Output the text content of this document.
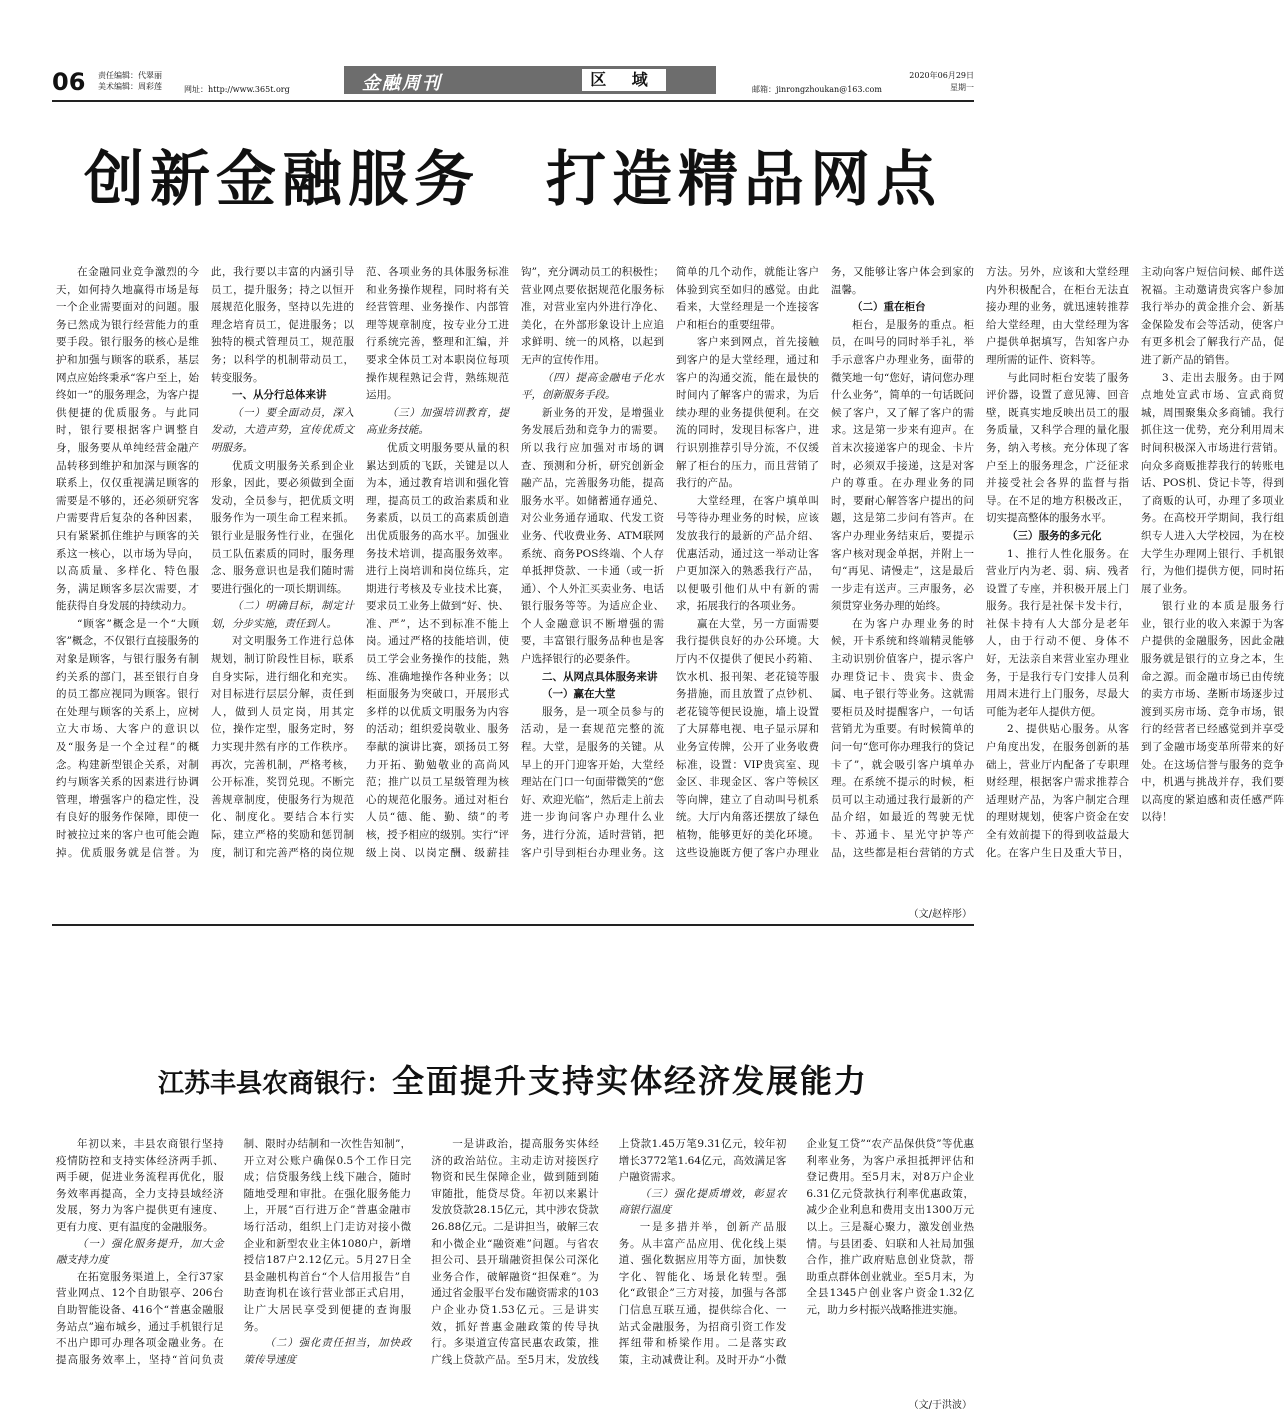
06 责任编辑：代翠丽
美术编辑：周彩莲	网址：http://www.365t.org	金融周刊	区 域
邮箱：jinrongzhoukan@163.com
2020年06月29日
星期一
创新金融服务　打造精品网点

在金融同业竞争激烈的今天，如何持久地赢得市场是每一个企业需要面对的问题。服务已然成为银行经营能力的重要手段。银行服务的核心是维护和加强与顾客的联系，基层网点应始终秉承“客户至上，始终如一”的服务理念，为客户提供便捷的优质服务。与此同时，银行要根据客户调整自身，服务要从单纯经营金融产品转移到维护和加深与顾客的联系上，仅仅重视满足顾客的需要是不够的，还必须研究客户需要背后复杂的各种因素，只有紧紧抓住维护与顾客的关系这一核心，以市场为导向，以高质量、多样化、特色服务，满足顾客多层次需要，才能获得自身发展的持续动力。

“顾客”概念是一个“大顾客”概念，不仅银行直接服务的对象是顾客，与银行服务有制约关系的部门，甚至银行自身的员工都应视同为顾客。银行在处理与顾客的关系上，应树立大市场、大客户的意识以及“服务是一个全过程”的概念。构建新型银企关系，对制约与顾客关系的因素进行协调管理，增强客户的稳定性，没有良好的服务作保障，即使一时被拉过来的客户也可能会跑掉。优质服务就是信誉。为此，我行要以丰富的内涵引导员工，提升服务；持之以恒开展规范化服务，坚持以先进的理念培育员工，促进服务；以独特的模式管理员工，规范服务；以科学的机制带动员工，转变服务。

一、从分行总体来讲

（一）要全面动员，深入发动，大造声势，宣传优质文明服务。

优质文明服务关系到企业形象，因此，要必须做到全面发动，全员参与，把优质文明服务作为一项生命工程来抓。银行业是服务性行业，在强化员工队伍素质的同时，服务理念、服务意识也是我们随时需要进行强化的一项长期训练。

（二）明确目标，制定计划，分步实施，责任到人。

对文明服务工作进行总体规划，制订阶段性目标，联系自身实际，进行细化和充实。对目标进行层层分解，责任到人，做到人员定岗，用其定位，操作定型，服务定时，努力实现井然有序的工作秩序。再次，完善机制，严格考核，公开标准，奖罚兑现。不断完善规章制度，使服务行为规范化、制度化。要结合本行实际，建立严格的奖励和惩罚制度，制订和完善严格的岗位规范、各项业务的具体服务标准和业务操作规程，同时将有关经营管理、业务操作、内部管理等规章制度，按专业分工进行系统完善，整理和汇编，并要求全体员工对本职岗位每项操作规程熟记会背，熟练规范运用。

（三）加强培训教育，提高业务技能。

优质文明服务要从量的积累达到质的飞跃，关键是以人为本，通过教育培训和强化管理，提高员工的政治素质和业务素质，以员工的高素质创造出优质服务的高水平。加强业务技术培训，提高服务效率。进行上岗培训和岗位练兵，定期进行考核及专业技术比赛，要求员工业务上做到“好、快、准、严”，达不到标准不能上岗。通过严格的技能培训，使员工学会业务操作的技能，熟练、准确地操作各种业务；以柜面服务为突破口，开展形式多样的以优质文明服务为内容的活动；组织爱岗敬业、服务奉献的演讲比赛，颂扬员工努力开拓、勤勉敬业的高尚风范；推广以员工星级管理为核心的规范化服务。通过对柜台人员“德、能、勤、绩”的考核，授予相应的级别。实行“评级上岗、以岗定酬、级薪挂钩”，充分调动员工的积极性；营业网点要依据规范化服务标准，对营业室内外进行净化、美化，在外部形象设计上应追求鲜明、统一的风格，以起到无声的宣传作用。

（四）提高金融电子化水平，创新服务手段。

新业务的开发，是增强业务发展后劲和竞争力的需要。所以我行应加强对市场的调查、预测和分析，研究创新金融产品，完善服务功能，提高服务水平。如储蓄通存通兑、对公业务通存通取、代发工资业务、代收费业务、ATM联网系统、商务POS终端、个人存单抵押贷款、一卡通（或一折通）、个人外汇买卖业务、电话银行服务等等。为适应企业、个人金融意识不断增强的需要，丰富银行服务品种也是客户选择银行的必要条件。

二、从网点具体服务来讲

（一）赢在大堂

服务，是一项全员参与的活动，是一套规范完整的流程。大堂，是服务的关键。从早上的开门迎客开始，大堂经理站在门口一句面带微笑的“您好、欢迎光临”，然后走上前去进一步询问客户办理什么业务，进行分流，适时营销，把客户引导到柜台办理业务。这简单的几个动作，就能让客户体验到宾至如归的感觉。由此看来，大堂经理是一个连接客户和柜台的重要纽带。

客户来到网点，首先接触到客户的是大堂经理，通过和客户的沟通交流，能在最快的时间内了解客户的需求，为后续办理的业务提供便利。在交流的同时，发现目标客户，进行识别推荐引导分流，不仅缓解了柜台的压力，而且营销了我行的产品。

大堂经理，在客户填单叫号等待办理业务的时候，应该发放我行的最新的产品介绍、优惠活动，通过这一举动让客户更加深入的熟悉我行产品，以便吸引他们从中有新的需求，拓展我行的各项业务。

赢在大堂，另一方面需要我行提供良好的办公环境。大厅内不仅提供了便民小药箱、饮水机、报刊架、老花镜等服务措施，而且放置了点钞机、老花镜等便民设施，墙上设置了大屏幕电视、电子显示屏和业务宣传牌，公开了业务收费标准，设置：VIP贵宾室、现金区、非现金区、客户等候区等向牌，建立了自动叫号机系统。大厅内角落还摆放了绿色植物，能够更好的美化环境。这些设施既方便了客户办理业务，又能够让客户体会到家的温馨。

（二）重在柜台

柜台，是服务的重点。柜员，在叫号的同时举手礼，举手示意客户办理业务，面带的微笑地一句“您好，请问您办理什么业务”，简单的一句话既问候了客户，又了解了客户的需求。这是第一步来有迎声。在首末次接递客户的现金、卡片时，必须双手接递，这是对客户的尊重。在办理业务的同时，要耐心解答客户提出的问题，这是第二步问有答声。在客户办理业务结束后，要提示客户核对现金单据，并附上一句“再见、请慢走”，这是最后一步走有送声。三声服务，必须贯穿业务办理的始终。

在为客户办理业务的时候，开卡系统和终端精灵能够主动识别价值客户，提示客户办理贷记卡、贵宾卡、贵金属、电子银行等业务。这就需要柜员及时提醒客户，一句话营销尤为重要。有时候简单的问一句“您可你办理我行的贷记卡了”，就会吸引客户填单办理。在系统不提示的时候，柜员可以主动通过我行最新的产品介绍，如最近的驾驶无忧卡、苏通卡、星光守护等产品，这些都是柜台营销的方式方法。另外，应该和大堂经理内外积极配合，在柜台无法直接办理的业务，就迅速转推荐给大堂经理，由大堂经理为客户提供单据填写，告知客户办理所需的证件、资料等。

与此同时柜台安装了服务评价器，设置了意见簿、回音壁，既真实地反映出员工的服务质量，又科学合理的量化服务，纳入考核。充分体现了客户至上的服务理念，广泛征求并接受社会各界的监督与指导。在不足的地方积极改正，切实提高整体的服务水平。

（三）服务的多元化

1、推行人性化服务。在营业厅内为老、弱、病、残者设置了专座，并积极开展上门服务。我行是社保卡发卡行，社保卡持有人大部分是老年人，由于行动不便、身体不好，无法亲自来营业室办理业务，于是我行专门安排人员利用周末进行上门服务，尽最大可能为老年人提供方便。

2、提供贴心服务。从客户角度出发，在服务创新的基础上，营业厅内配备了专职理财经理，根据客户需求推荐合适理财产品，为客户制定合理的理财规划，使客户资金在安全有效前提下的得到收益最大化。在客户生日及重大节日，主动向客户短信问候、邮件送祝福。主动邀请贵宾客户参加我行举办的黄金推介会、新基金保险发布会等活动，使客户有更多机会了解我行产品，促进了新产品的销售。

3、走出去服务。由于网点地处宣武市场、宣武商贸城，周围聚集众多商铺。我行抓住这一优势，充分利用周末时间积极深入市场进行营销。向众多商贩推荐我行的转账电话、POS机、贷记卡等，得到了商贩的认可，办理了多项业务。在高校开学期间，我行组织专人进入大学校园，为在校大学生办理网上银行、手机银行，为他们提供方便，同时拓展了业务。

银行业的本质是服务行业，银行业的收入来源于为客户提供的金融服务，因此金融服务就是银行的立身之本，生命之源。而金融市场已由传统的卖方市场、垄断市场逐步过渡到买房市场、竞争市场，银行的经营者已经感觉到并享受到了金融市场变革所带来的好处。在这场信誉与服务的竞争中，机遇与挑战并存，我们要以高度的紧迫感和责任感严阵以待！

（文/赵梓彤）
江苏丰县农商银行：全面提升支持实体经济发展能力

年初以来，丰县农商银行坚持疫情防控和支持实体经济两手抓、两手硬，促进业务流程再优化，服务效率再提高，全力支持县域经济发展，努力为客户提供更有速度、更有力度、更有温度的金融服务。

（一）强化服务提升，加大金融支持力度

在拓宽服务渠道上，全行37家营业网点、12个自助银亭、206台自助智能设备、416个“普惠金融服务站点”遍布城乡，通过手机银行足不出户即可办理各项金融业务。在提高服务效率上，坚持“首问负责制、限时办结制和一次性告知制”，开立对公账户确保0.5个工作日完成；信贷服务线上线下融合，随时随地受理和审批。在强化服务能力上，开展“百行进万企”普惠金融市场行活动，组织上门走访对接小微企业和新型农业主体1080户，新增授信187户2.12亿元。5月27日全县金融机构首台“个人信用报告”自助查询机在该行营业部正式启用，让广大居民享受到便捷的查询服务。

（二）强化责任担当，加快政策传导速度

一是讲政治，提高服务实体经济的政治站位。主动走访对接医疗物资和民生保障企业，做到随到随审随批，能贷尽贷。年初以来累计发放贷款28.15亿元，其中涉农贷款26.88亿元。二是讲担当，破解三农和小微企业“融资难”问题。与省农担公司、县开瑞融资担保公司深化业务合作，破解融资“担保难”。为通过省金服平台发布融资需求的103户企业办贷1.53亿元。三是讲实效，抓好普惠金融政策的传导执行。多渠道宣传富民惠农政策，推广线上贷款产品。至5月末，发放线上贷款1.45万笔9.31亿元，较年初增长3772笔1.64亿元，高效满足客户融资需求。

（三）强化提质增效，彰显农商银行温度

一是多措并举，创新产品服务。从丰富产品应用、优化线上渠道、强化数据应用等方面，加快数字化、智能化、场景化转型。强化“政银企”三方对接，加强与各部门信息互联互通，提供综合化、一站式金融服务，为招商引资工作发挥纽带和桥梁作用。二是落实政策，主动减费让利。及时开办“小微企业复工贷”“农产品保供贷”等优惠利率业务，为客户承担抵押评估和登记费用。至5月末，对8万户企业6.31亿元贷款执行利率优惠政策，减少企业利息和费用支出1300万元以上。三是凝心聚力，激发创业热情。与县团委、妇联和人社局加强合作，推广政府贴息创业贷款，帮助重点群体创业就业。至5月末，为全县1345户创业客户资金1.32亿元，助力乡村振兴战略推进实施。

（文/于洪波）
